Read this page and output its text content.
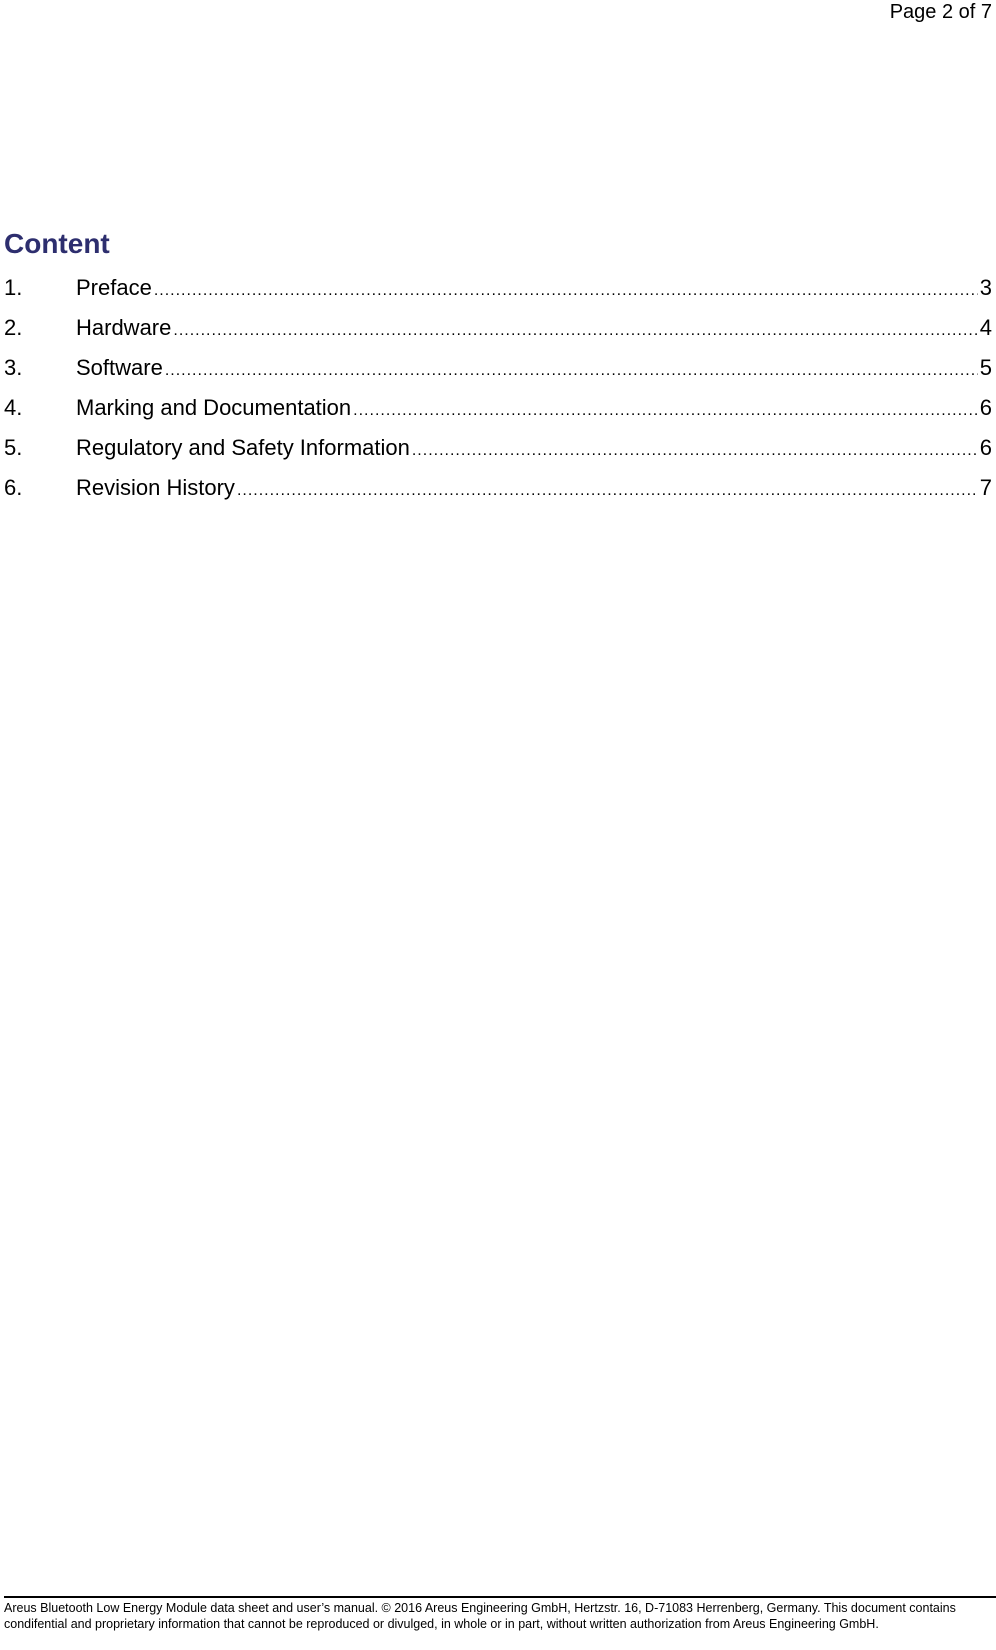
Page 2 of 7
Content
1.	Preface .....	3
2.	Hardware .....	4
3.	Software .....	5
4.	Marking and Documentation .....	6
5.	Regulatory and Safety Information .....	6
6.	Revision History .....	7
Areus Bluetooth Low Energy Module data sheet and user’s manual. © 2016 Areus Engineering GmbH, Hertzstr. 16, D-71083 Herrenberg, Germany. This document contains condifential and proprietary information that cannot be reproduced or divulged, in whole or in part, without written authorization from Areus Engineering GmbH.
